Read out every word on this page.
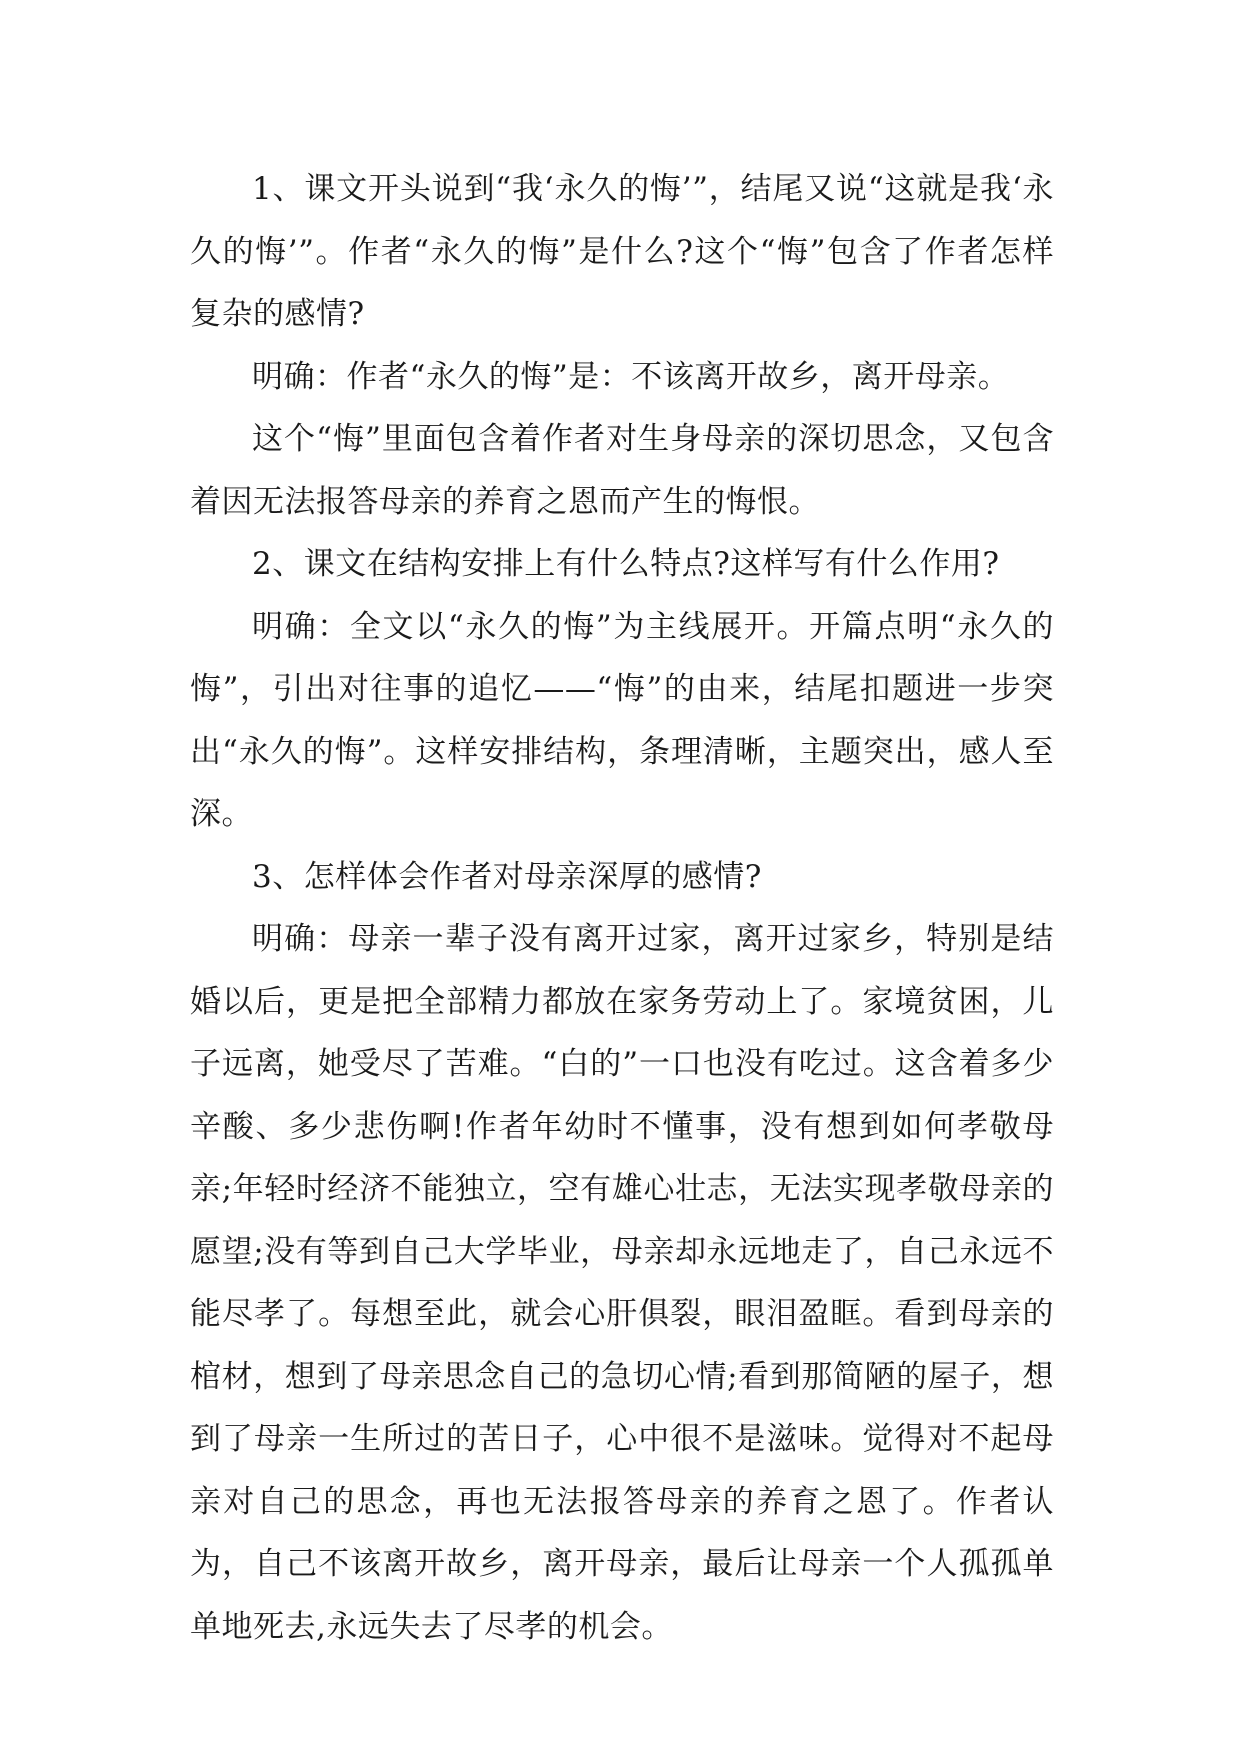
1、课文开头说到“我‘永久的悔’”，结尾又说“这就是我‘永久的悔’”。作者“永久的悔”是什么?这个“悔”包含了作者怎样复杂的感情?

明确：作者“永久的悔”是：不该离开故乡，离开母亲。

这个“悔”里面包含着作者对生身母亲的深切思念，又包含着因无法报答母亲的养育之恩而产生的悔恨。

2、课文在结构安排上有什么特点?这样写有什么作用?

明确：全文以“永久的悔”为主线展开。开篇点明“永久的悔”，引出对往事的追忆——“悔”的由来，结尾扣题进一步突出“永久的悔”。这样安排结构，条理清晰，主题突出，感人至深。

3、怎样体会作者对母亲深厚的感情?

明确：母亲一辈子没有离开过家，离开过家乡，特别是结婚以后，更是把全部精力都放在家务劳动上了。家境贫困，儿子远离，她受尽了苦难。“白的”一口也没有吃过。这含着多少辛酸、多少悲伤啊!作者年幼时不懂事，没有想到如何孝敬母亲;年轻时经济不能独立，空有雄心壮志，无法实现孝敬母亲的愿望;没有等到自己大学毕业，母亲却永远地走了，自己永远不能尽孝了。每想至此，就会心肝俱裂，眼泪盈眶。看到母亲的棺材，想到了母亲思念自己的急切心情;看到那简陋的屋子，想到了母亲一生所过的苦日子，心中很不是滋味。觉得对不起母亲对自己的思念，再也无法报答母亲的养育之恩了。作者认为，自己不该离开故乡，离开母亲，最后让母亲一个人孤孤单单地死去,永远失去了尽孝的机会。
